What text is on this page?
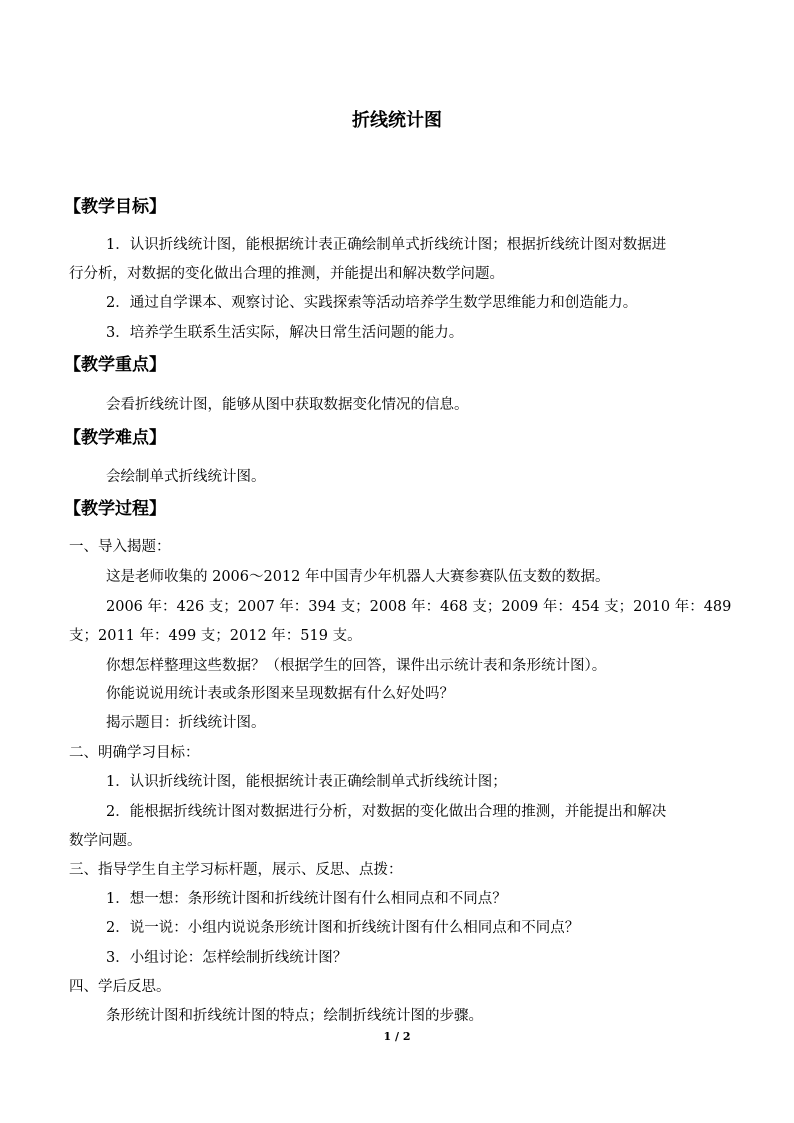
折线统计图
【教学目标】
1．认识折线统计图，能根据统计表正确绘制单式折线统计图；根据折线统计图对数据进
行分析，对数据的变化做出合理的推测，并能提出和解决数学问题。
2．通过自学课本、观察讨论、实践探索等活动培养学生数学思维能力和创造能力。
3．培养学生联系生活实际，解决日常生活问题的能力。
【教学重点】
会看折线统计图，能够从图中获取数据变化情况的信息。
【教学难点】
会绘制单式折线统计图。
【教学过程】
一、导入揭题：
这是老师收集的 2006～2012 年中国青少年机器人大赛参赛队伍支数的数据。
2006 年：426 支；2007 年：394 支；2008 年：468 支；2009 年：454 支；2010 年：489
支；2011 年：499 支；2012 年：519 支。
你想怎样整理这些数据？（根据学生的回答，课件出示统计表和条形统计图）。
你能说说用统计表或条形图来呈现数据有什么好处吗？
揭示题目：折线统计图。
二、明确学习目标：
1．认识折线统计图，能根据统计表正确绘制单式折线统计图；
2．能根据折线统计图对数据进行分析，对数据的变化做出合理的推测，并能提出和解决
数学问题。
三、指导学生自主学习标杆题，展示、反思、点拨：
1．想一想：条形统计图和折线统计图有什么相同点和不同点？
2．说一说：小组内说说条形统计图和折线统计图有什么相同点和不同点？
3．小组讨论：怎样绘制折线统计图？
四、学后反思。
条形统计图和折线统计图的特点；绘制折线统计图的步骤。
1 / 2
